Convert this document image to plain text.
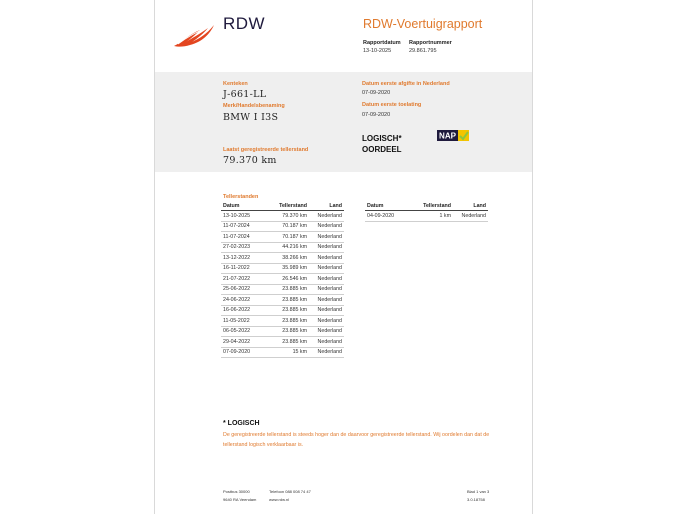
RDW	RDW-Voertuigrapport
Rapportdatum
13-10-2025
Rapportnummer
29.861.795
Kenteken
J-661-LL
Merk/Handelsbenaming
BMW I I3S
Laatst geregistreerde tellerstand
79.370 km
Datum eerste afgifte in Nederland
07-09-2020
Datum eerste toelating
07-09-2020
LOGISCH*
OORDEEL
NAP
Tellerstanden
Datum	Tellerstand	Land
13-10-2025	79.370 km	Nederland
11-07-2024	70.187 km	Nederland
11-07-2024	70.187 km	Nederland
27-02-2023	44.216 km	Nederland
13-12-2022	38.266 km	Nederland
16-11-2022	35.989 km	Nederland
21-07-2022	26.546 km	Nederland
25-06-2022	23.885 km	Nederland
24-06-2022	23.885 km	Nederland
16-06-2022	23.885 km	Nederland
11-05-2022	23.885 km	Nederland
06-05-2022	23.885 km	Nederland
29-04-2022	23.885 km	Nederland
07-09-2020	15 km	Nederland
Datum	Tellerstand	Land
04-09-2020	1 km	Nederland
* LOGISCH
De geregistreerde tellerstand is steeds hoger dan de daarvoor geregistreerde tellerstand. Wij oordelen dan dat de tellerstand logisch verklaarbaar is.
Postbus 30000
9640 RA Veendam
Telefoon 088 008 74 47
www.rdw.nl
Blad 1 van 3
3.0.18758
